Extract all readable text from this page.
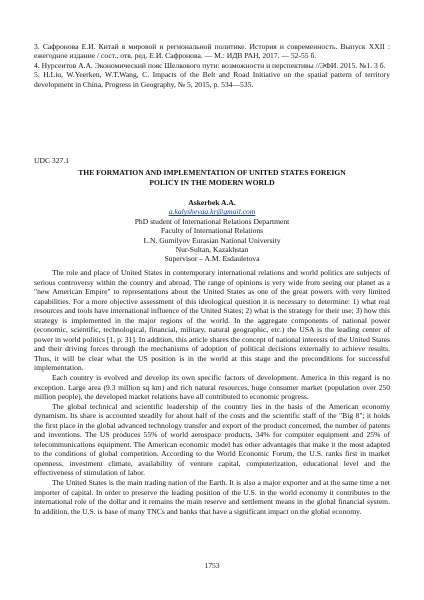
3. Сафронова Е.И. Китай в мировой и региональной политике. История и современность. Выпуск XXII : ежегодное издание / сост., отв. ред. Е.И. Сафронова. — М.: ИДВ РАН, 2017. — 52-55 б.

4. Нурсеитов А.А. Экономический пояс Шелкового пути: возможности и перспективы //ЭФИ. 2015. №1. 3 б.

5. H.Liu, W.Yeerken, W.T.Wang, C. Impacts of the Belt and Road Initiative on the spatial pattern of territory development in China, Progress in Geography, № 5, 2015, p. 534—535.

UDC 327.1
THE FORMATION AND IMPLEMENTATION OF UNITED STATES FOREIGN
POLICY IN THE MODERN WORLD
Askerbek A.A.
a.kalyshevaa.kr@gmail.com
PhD student of International Relations Department
Faculty of International Relations
L.N. Gumilyov Eurasian National University
Nur-Sultan, Kazakhstan
Supervisor – A.M. Esdauletova

The role and place of United States in contemporary international relations and world politics are subjects of serious controversy within the country and abroad. The range of opinions is very wide from seeing our planet as a "new American Empire" to representations about the United States as one of the great powers with very limited capabilities. For a more objective assessment of this ideological question it is necessary to determine: 1) what real resources and tools have international influence of the United States; 2) what is the strategy for their use; 3) how this strategy is implemented in the major regions of the world. In the aggregate components of national power (economic, scientific, technological, financial, military, natural geographic, etc.) the USA is the leading center of power in world politics [1, p. 31]. In addition, this article shares the concept of national interests of the United States and their driving forces through the mechanisms of adoption of political decisions externally to achieve results. Thus, it will be clear what the US position is in the world at this stage and the preconditions for successful implementation.

Each country is evolved and develop its own specific factors of development. America in this regard is no exception. Large area (9.3 million sq km) and rich natural resources, huge consumer market (population over 250 million people), the developed market relations have all contributed to economic progress.

The global technical and scientific leadership of the country lies in the basis of the American economy dynamism. Its share is accounted steadily for about half of the costs and the scientific staff of the "Big 8"; it holds the first place in the global advanced technology transfer and export of the product concerned, the number of patents and inventions. The US produces 55% of world aerospace products, 34% for computer equipment and 25% of telecommunications equipment. The American economic model has other advantages that make it the most adapted to the conditions of global competition. According to the World Economic Forum, the U.S. ranks first in market openness, investment climate, availability of venture capital, computerization, educational level and the effectiveness of stimulation of labor.

The United States is the main trading nation of the Earth. It is also a major exporter and at the same time a net importer of capital. In order to preserve the leading position of the U.S. in the world economy it contributes to the international role of the dollar and it remains the main reserve and settlement means in the global financial system. In addition, the U.S. is base of many TNCs and banks that have a significant impact on the global economy.

1753
